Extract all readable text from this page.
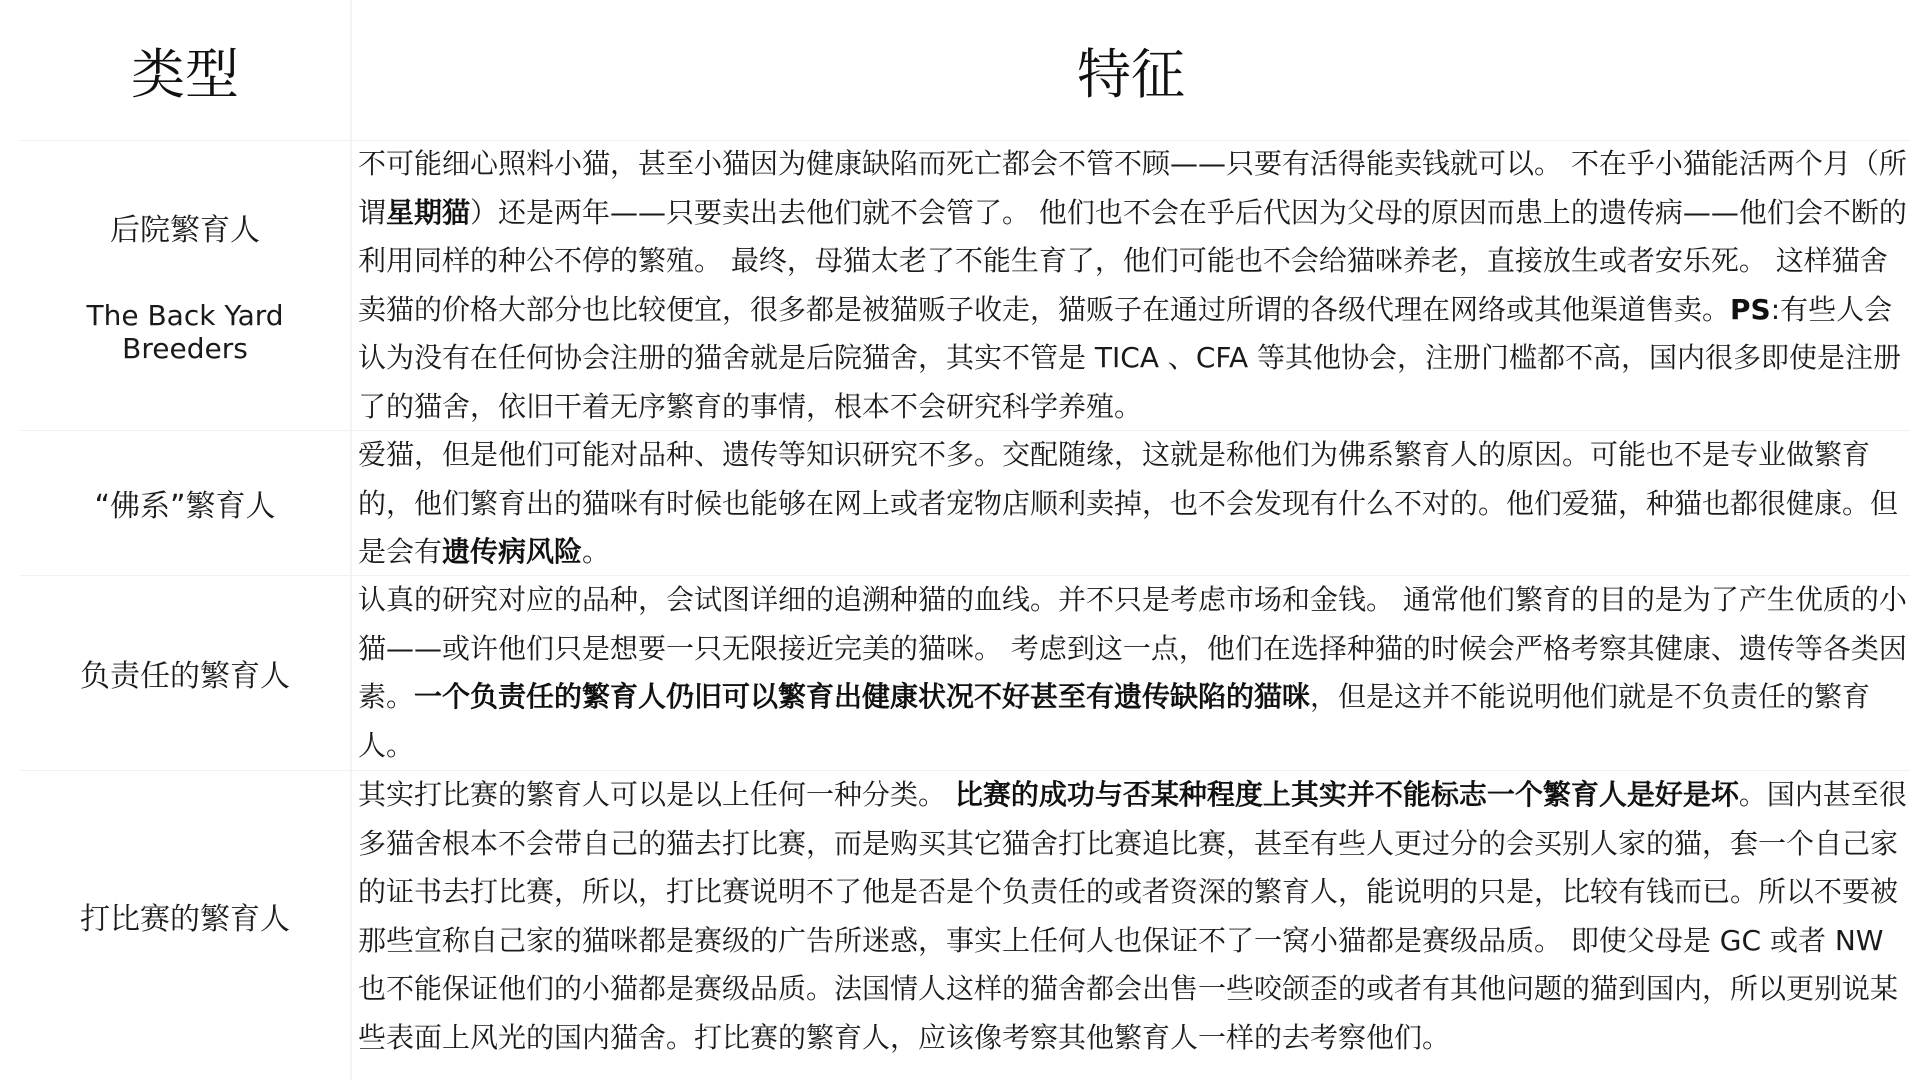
类型	特征
后院繁育人
The Back Yard Breeders
不可能细心照料小猫，甚至小猫因为健康缺陷而死亡都会不管不顾——只要有活得能卖钱就可以。 不在乎小猫能活两个月（所谓星期猫）还是两年——只要卖出去他们就不会管了。 他们也不会在乎后代因为父母的原因而患上的遗传病——他们会不断的利用同样的种公不停的繁殖。 最终，母猫太老了不能生育了，他们可能也不会给猫咪养老，直接放生或者安乐死。 这样猫舍卖猫的价格大部分也比较便宜，很多都是被猫贩子收走，猫贩子在通过所谓的各级代理在网络或其他渠道售卖。PS:有些人会认为没有在任何协会注册的猫舍就是后院猫舍，其实不管是 TICA 、CFA 等其他协会，注册门槛都不高，国内很多即使是注册了的猫舍，依旧干着无序繁育的事情，根本不会研究科学养殖。
“佛系”繁育人
爱猫，但是他们可能对品种、遗传等知识研究不多。交配随缘，这就是称他们为佛系繁育人的原因。可能也不是专业做繁育的，他们繁育出的猫咪有时候也能够在网上或者宠物店顺利卖掉，也不会发现有什么不对的。他们爱猫，种猫也都很健康。但是会有遗传病风险。
负责任的繁育人
认真的研究对应的品种，会试图详细的追溯种猫的血线。并不只是考虑市场和金钱。 通常他们繁育的目的是为了产生优质的小猫——或许他们只是想要一只无限接近完美的猫咪。 考虑到这一点，他们在选择种猫的时候会严格考察其健康、遗传等各类因素。一个负责任的繁育人仍旧可以繁育出健康状况不好甚至有遗传缺陷的猫咪，但是这并不能说明他们就是不负责任的繁育人。
打比赛的繁育人
其实打比赛的繁育人可以是以上任何一种分类。 比赛的成功与否某种程度上其实并不能标志一个繁育人是好是坏。国内甚至很多猫舍根本不会带自己的猫去打比赛，而是购买其它猫舍打比赛追比赛，甚至有些人更过分的会买别人家的猫，套一个自己家的证书去打比赛，所以，打比赛说明不了他是否是个负责任的或者资深的繁育人，能说明的只是，比较有钱而已。所以不要被那些宣称自己家的猫咪都是赛级的广告所迷惑，事实上任何人也保证不了一窝小猫都是赛级品质。 即使父母是 GC 或者 NW 也不能保证他们的小猫都是赛级品质。法国情人这样的猫舍都会出售一些咬颌歪的或者有其他问题的猫到国内，所以更别说某些表面上风光的国内猫舍。打比赛的繁育人，应该像考察其他繁育人一样的去考察他们。
